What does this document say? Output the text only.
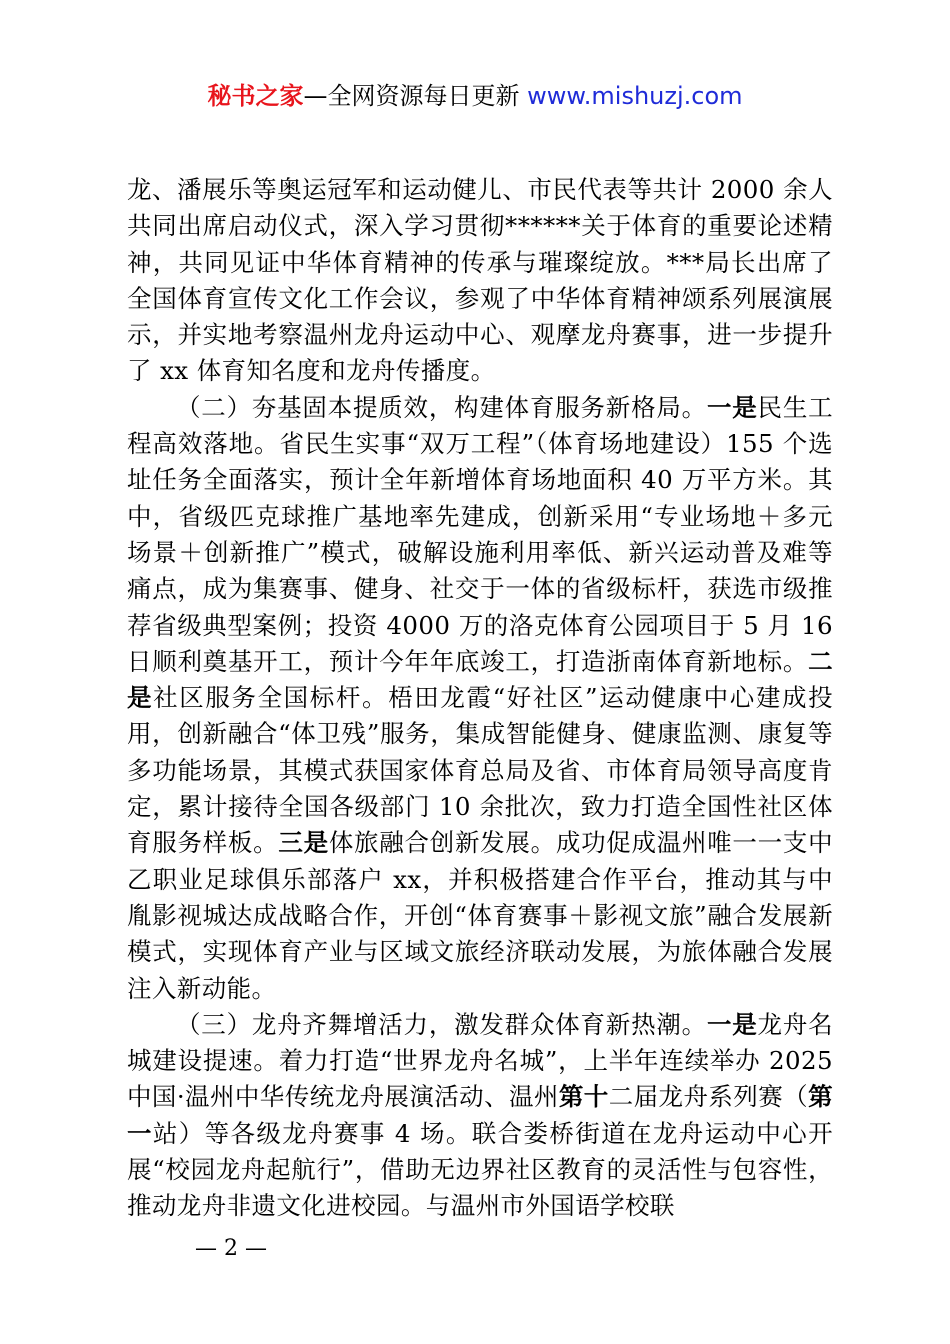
秘书之家—全网资源每日更新 www.mishuzj.com

龙、潘展乐等奥运冠军和运动健儿、市民代表等共计 2000 余人共同出席启动仪式，深入学习贯彻******关于体育的重要论述精神，共同见证中华体育精神的传承与璀璨绽放。***局长出席了全国体育宣传文化工作会议，参观了中华体育精神颂系列展演展示，并实地考察温州龙舟运动中心、观摩龙舟赛事，进一步提升了 xx 体育知名度和龙舟传播度。

（二）夯基固本提质效，构建体育服务新格局。一是民生工程高效落地。省民生实事“双万工程”（体育场地建设）155 个选址任务全面落实，预计全年新增体育场地面积 40 万平方米。其中，省级匹克球推广基地率先建成，创新采用“专业场地＋多元场景＋创新推广”模式，破解设施利用率低、新兴运动普及难等痛点，成为集赛事、健身、社交于一体的省级标杆，获选市级推荐省级典型案例；投资 4000 万的洛克体育公园项目于 5 月 16 日顺利奠基开工，预计今年年底竣工，打造浙南体育新地标。二是社区服务全国标杆。梧田龙霞“好社区”运动健康中心建成投用，创新融合“体卫残”服务，集成智能健身、健康监测、康复等多功能场景，其模式获国家体育总局及省、市体育局领导高度肯定，累计接待全国各级部门 10 余批次，致力打造全国性社区体育服务样板。三是体旅融合创新发展。成功促成温州唯一一支中乙职业足球俱乐部落户 xx，并积极搭建合作平台，推动其与中胤影视城达成战略合作，开创“体育赛事＋影视文旅”融合发展新模式，实现体育产业与区域文旅经济联动发展，为旅体融合发展注入新动能。

（三）龙舟齐舞增活力，激发群众体育新热潮。一是龙舟名城建设提速。着力打造“世界龙舟名城”，上半年连续举办 2025 中国·温州中华传统龙舟展演活动、温州第十二届龙舟系列赛（第一站）等各级龙舟赛事 4 场。联合娄桥街道在龙舟运动中心开展“校园龙舟起航行”，借助无边界社区教育的灵活性与包容性，推动龙舟非遗文化进校园。与温州市外国语学校联

— 2 —
